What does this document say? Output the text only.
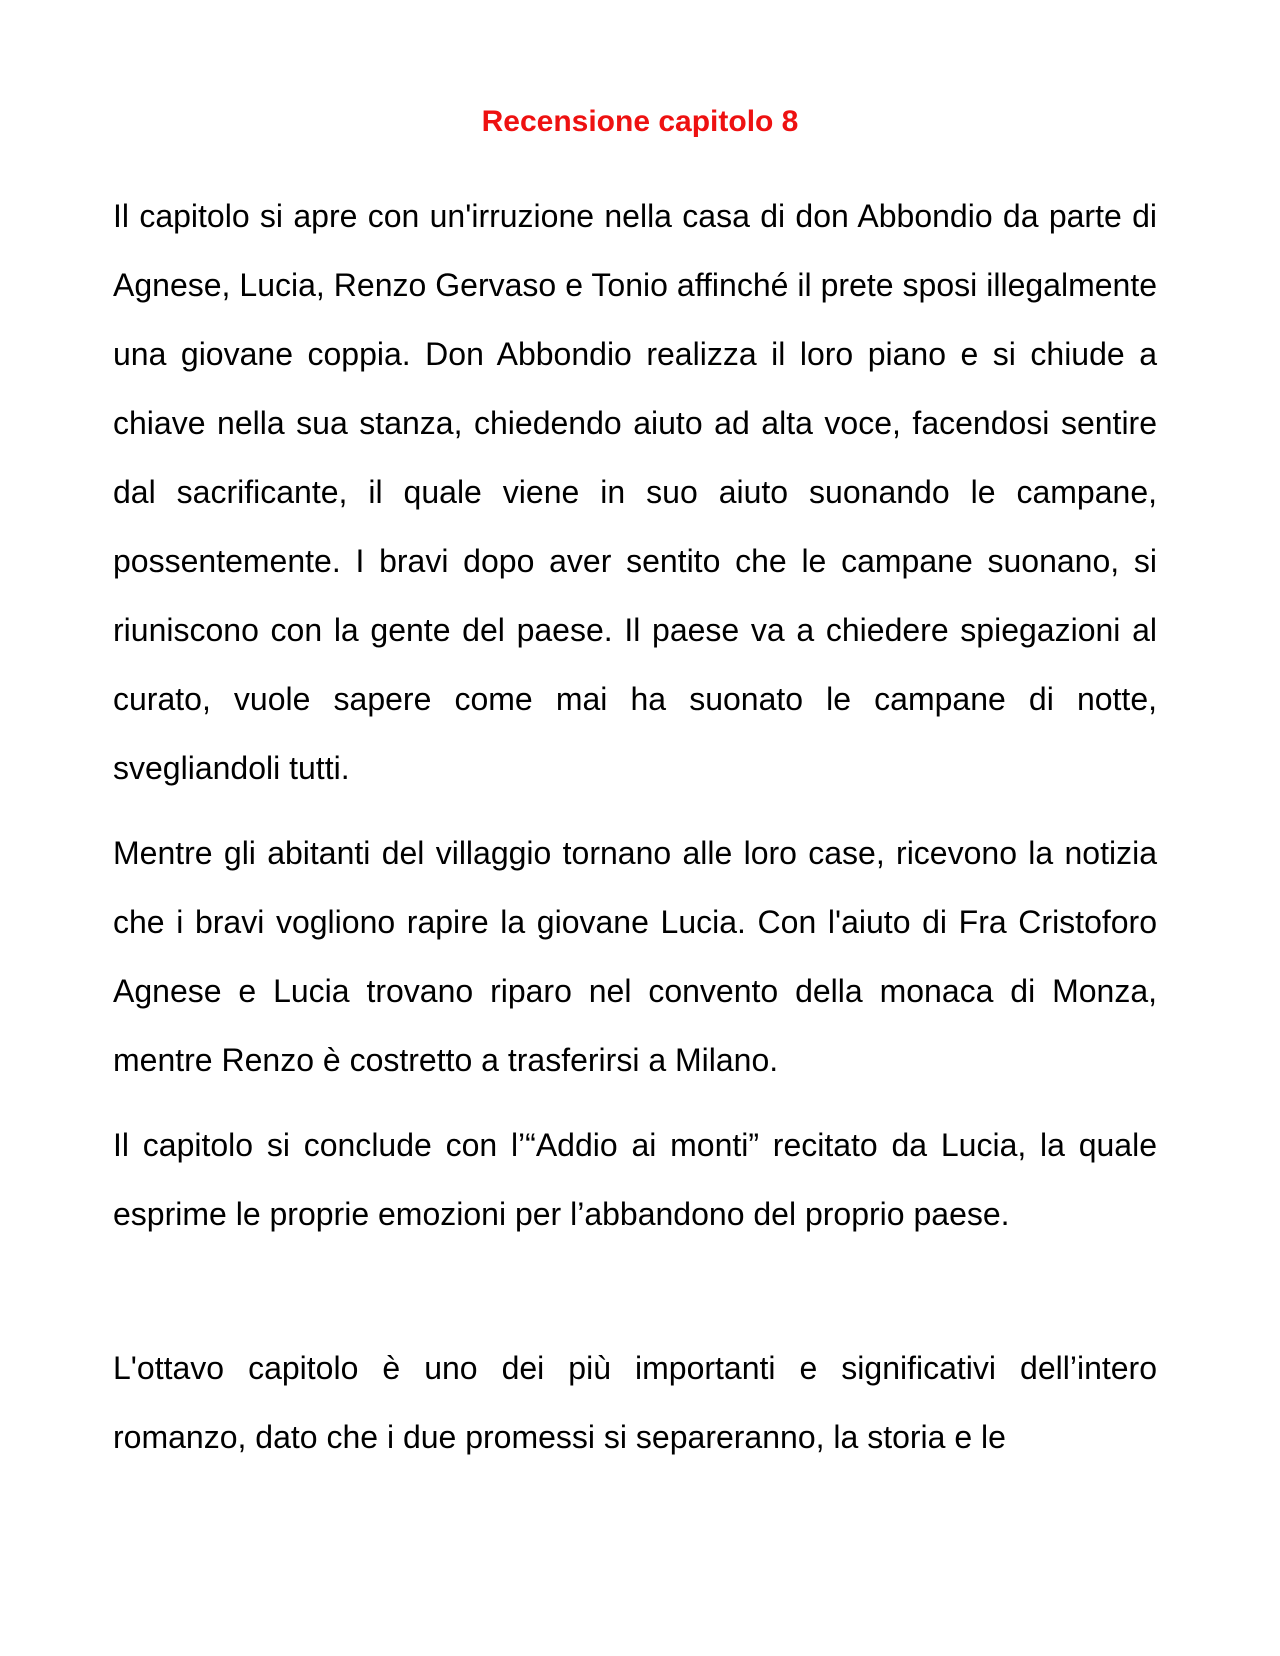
Recensione capitolo 8

Il capitolo si apre con un'irruzione nella casa di don Abbondio da parte di Agnese, Lucia, Renzo Gervaso e Tonio affinché il prete sposi illegalmente una giovane coppia. Don Abbondio realizza il loro piano e si chiude a chiave nella sua stanza, chiedendo aiuto ad alta voce, facendosi sentire dal sacrificante, il quale viene in suo aiuto suonando le campane, possentemente. I bravi dopo aver sentito che le campane suonano, si riuniscono con la gente del paese. Il paese va a chiedere spiegazioni al curato, vuole sapere come mai ha suonato le campane di notte, svegliandoli tutti.

Mentre gli abitanti del villaggio tornano alle loro case, ricevono la notizia che i bravi vogliono rapire la giovane Lucia. Con l'aiuto di Fra Cristoforo Agnese e Lucia trovano riparo nel convento della monaca di Monza, mentre Renzo è costretto a trasferirsi a Milano.

Il capitolo si conclude con l’“Addio ai monti” recitato da Lucia, la quale esprime le proprie emozioni per l’abbandono del proprio paese.

L'ottavo capitolo è uno dei più importanti e significativi dell’intero romanzo, dato che i due promessi si separeranno, la storia e le
